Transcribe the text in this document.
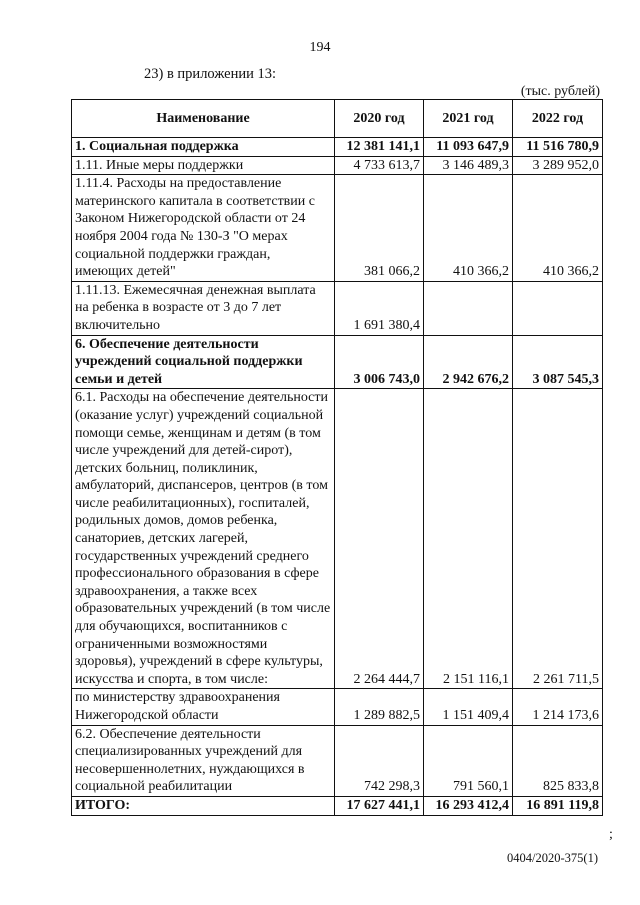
194
23) в приложении 13:
(тыс. рублей)
Наименование	2020 год	2021 год	2022 год
1. Социальная поддержка	12 381 141,1	11 093 647,9	11 516 780,9
1.11. Иные меры поддержки	4 733 613,7	3 146 489,3	3 289 952,0
1.11.4. Расходы на предоставление материнского капитала в соответствии с Законом Нижегородской области от 24 ноября 2004 года № 130-З "О мерах социальной поддержки граждан, имеющих детей"	381 066,2	410 366,2	410 366,2
1.11.13. Ежемесячная денежная выплата на ребенка в возрасте от 3 до 7 лет включительно	1 691 380,4		
6. Обеспечение деятельности учреждений социальной поддержки семьи и детей	3 006 743,0	2 942 676,2	3 087 545,3
6.1. Расходы на обеспечение деятельности (оказание услуг) учреждений социальной помощи семье, женщинам и детям (в том числе учреждений для детей-сирот), детских больниц, поликлиник, амбулаторий, диспансеров, центров (в том числе реабилитационных), госпиталей, родильных домов, домов ребенка, санаториев, детских лагерей, государственных учреждений среднего профессионального образования в сфере здравоохранения, а также всех образовательных учреждений (в том числе для обучающихся, воспитанников с ограниченными возможностями здоровья), учреждений в сфере культуры, искусства и спорта, в том числе:	2 264 444,7	2 151 116,1	2 261 711,5
по министерству здравоохранения Нижегородской области	1 289 882,5	1 151 409,4	1 214 173,6
6.2. Обеспечение деятельности специализированных учреждений для несовершеннолетних, нуждающихся в социальной реабилитации	742 298,3	791 560,1	825 833,8
ИТОГО:	17 627 441,1	16 293 412,4	16 891 119,8
;
0404/2020-375(1)
